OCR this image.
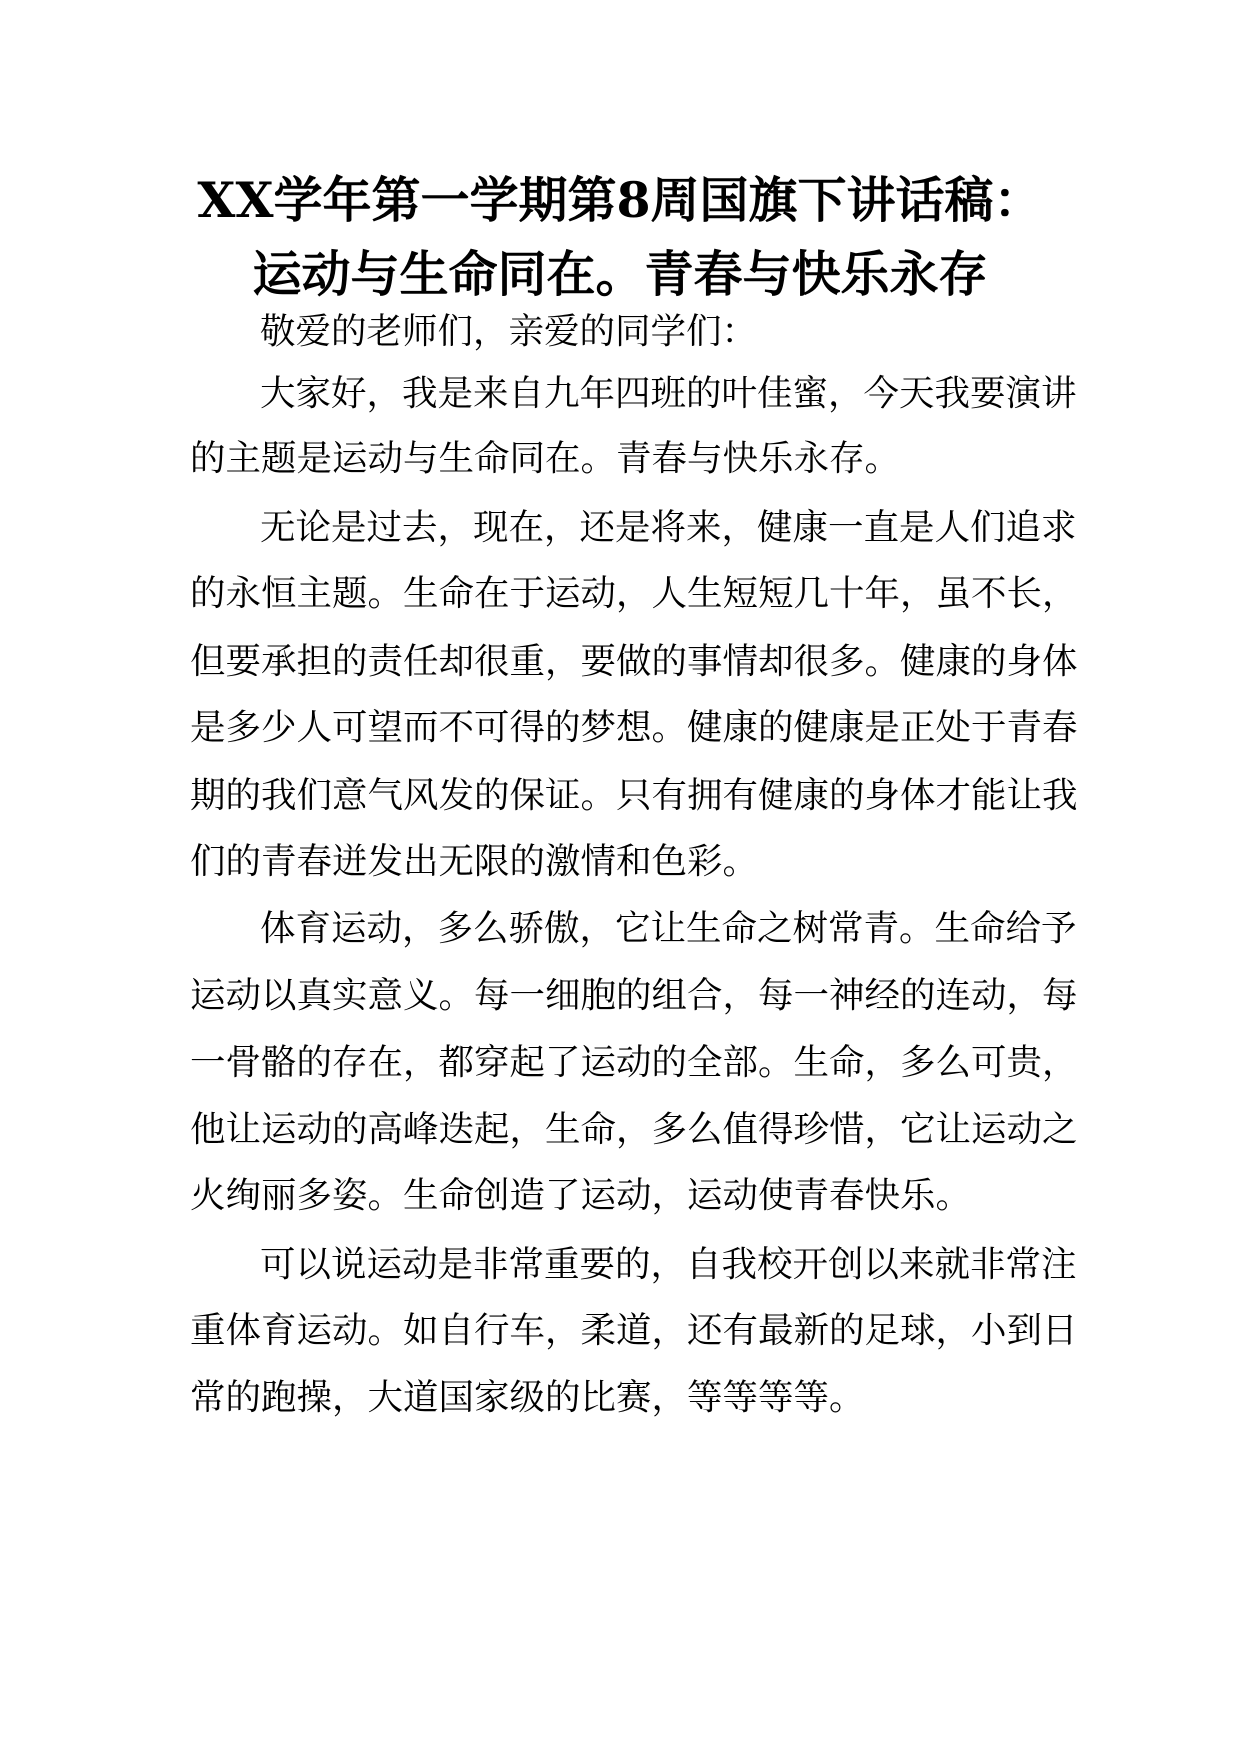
XX学年第一学期第8周国旗下讲话稿：
运动与生命同在。青春与快乐永存

敬爱的老师们，亲爱的同学们：

大家好，我是来自九年四班的叶佳蜜，今天我要演讲

的主题是运动与生命同在。青春与快乐永存。

无论是过去，现在，还是将来，健康一直是人们追求

的永恒主题。生命在于运动，人生短短几十年，虽不长，

但要承担的责任却很重，要做的事情却很多。健康的身体

是多少人可望而不可得的梦想。健康的健康是正处于青春

期的我们意气风发的保证。只有拥有健康的身体才能让我

们的青春迸发出无限的激情和色彩。

体育运动，多么骄傲，它让生命之树常青。生命给予

运动以真实意义。每一细胞的组合，每一神经的连动，每

一骨骼的存在，都穿起了运动的全部。生命，多么可贵，

他让运动的高峰迭起，生命，多么值得珍惜，它让运动之

火绚丽多姿。生命创造了运动，运动使青春快乐。

可以说运动是非常重要的，自我校开创以来就非常注

重体育运动。如自行车，柔道，还有最新的足球，小到日

常的跑操，大道国家级的比赛，等等等等。
